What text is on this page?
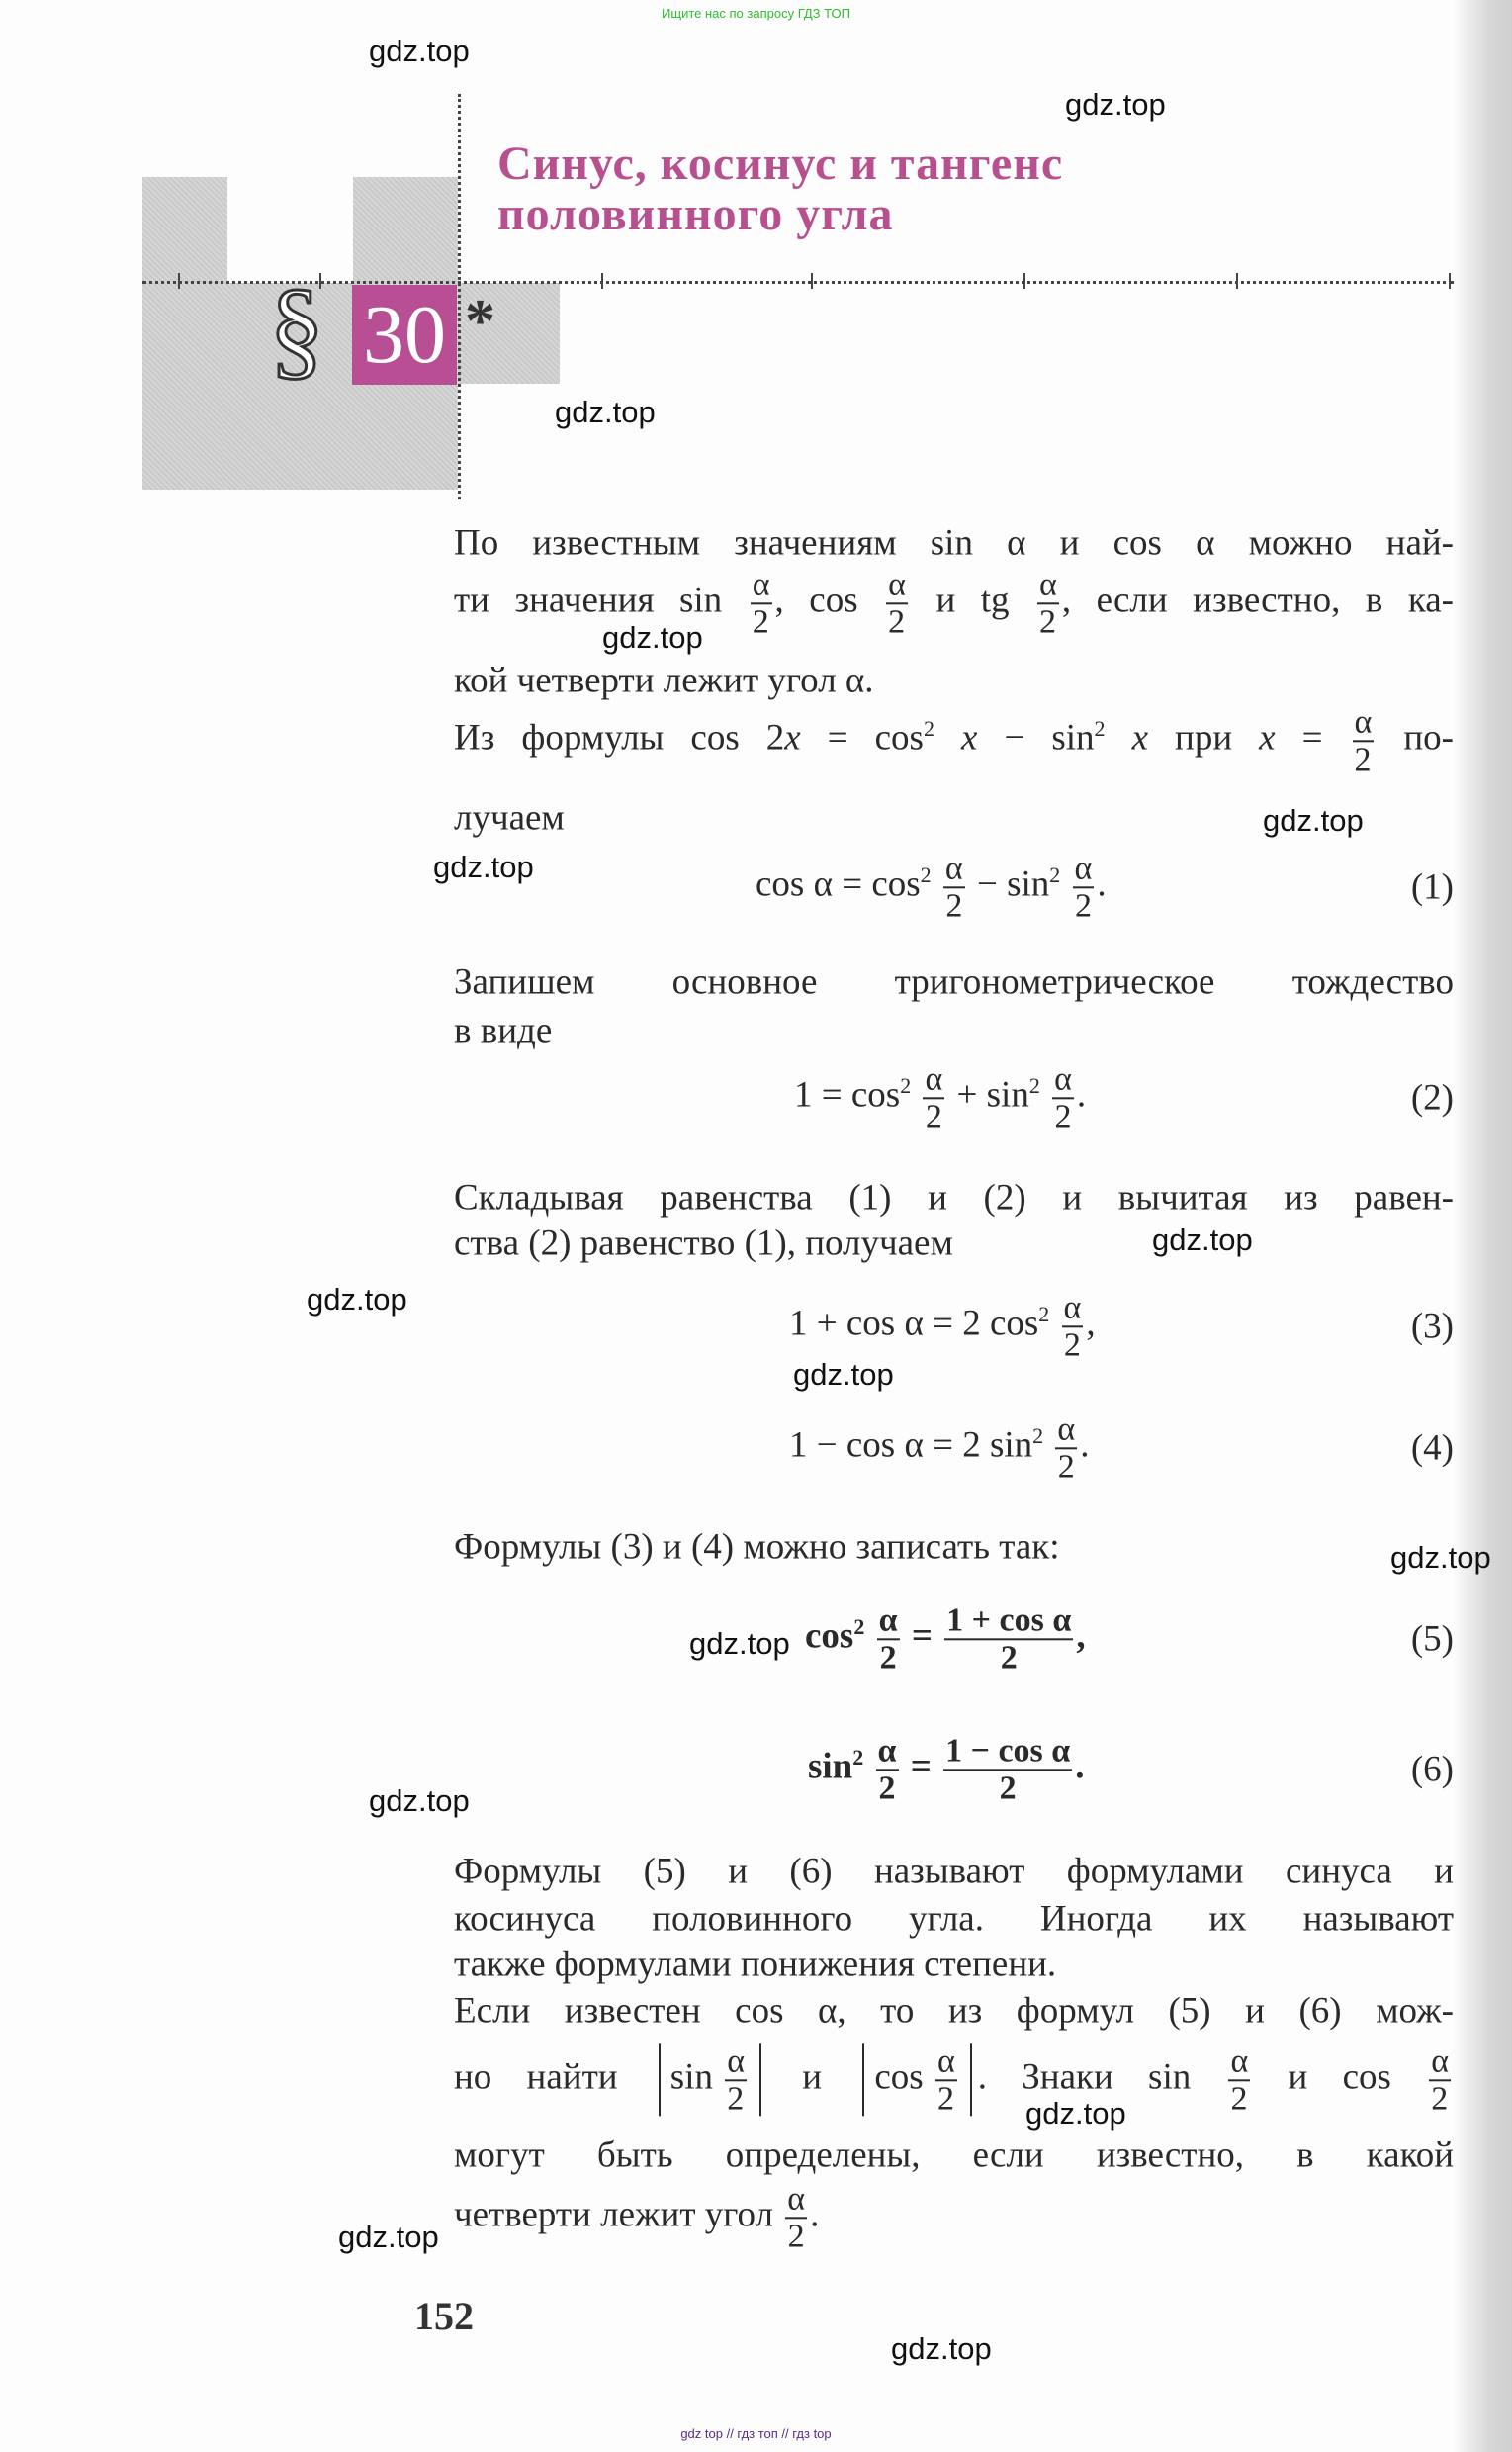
Ищите нас по запросу ГДЗ ТОП
gdz.top
gdz.top
gdz.top
gdz.top
gdz.top
gdz.top
gdz.top
gdz.top
gdz.top
gdz.top
gdz.top
gdz.top
gdz.top
gdz.top
gdz.top
§ 30 *
Синус, косинус и тангенс
половинного угла
По известным значениям sin α и cos α можно най-
ти значения $\sin \frac{\alpha}{2}$ , $\cos \frac{\alpha}{2}$ и tg $\frac{\alpha}{2}$ , если известно, в ка-
кой четверти лежит угол α.
Из формулы $\cos 2x = \cos^2 x - \sin^2 x$ при $x = \frac{\alpha}{2} по-$
лучаем
Запишем основное тригонометрическое тождество
в виде
Складывая равенства (1) и (2) и вычитая из равен-
ства (2) равенство (1), получаем
Формулы (3) и (4) можно записать так:
Формулы (5) и (6) называют формулами синуса и
косинуса половинного угла. Иногда их называют
также формулами понижения степени.
Если известен cos α, то из формул (5) и (6) мож-
но найти $\sin \frac{\alpha}{2}$ и $\cos \frac{\alpha}{2}$ . Знаки $\sin \frac{\alpha}{2}$ и $\cos \frac{\alpha}{2}$
могут быть определены, если известно, в какой
четверти лежит угол $\frac{\alpha}{2}$ .
$\cos \alpha = \cos^2 \frac{\alpha}{2} - \sin^2 \frac{\alpha}{2}$ .	(1)
$1 = \cos^2 \frac{\alpha}{2} + \sin^2 \frac{\alpha}{2}$ .	(2)
1 + cos α = 2 $\cos^2 \frac{\alpha}{2}$ ,	(3)
1 − cos α = 2 $\sin^2 \frac{\alpha}{2}$ .	(4)
$\cos^2 \frac{\alpha}{2} = \frac{\text{1 + cos α}}{2}$ ,	(5)
$\sin^2 \frac{\alpha}{2} = \frac{\text{1 − cos α}}{2}$ .	(6)
152
gdz top // гдз топ // гдз top
